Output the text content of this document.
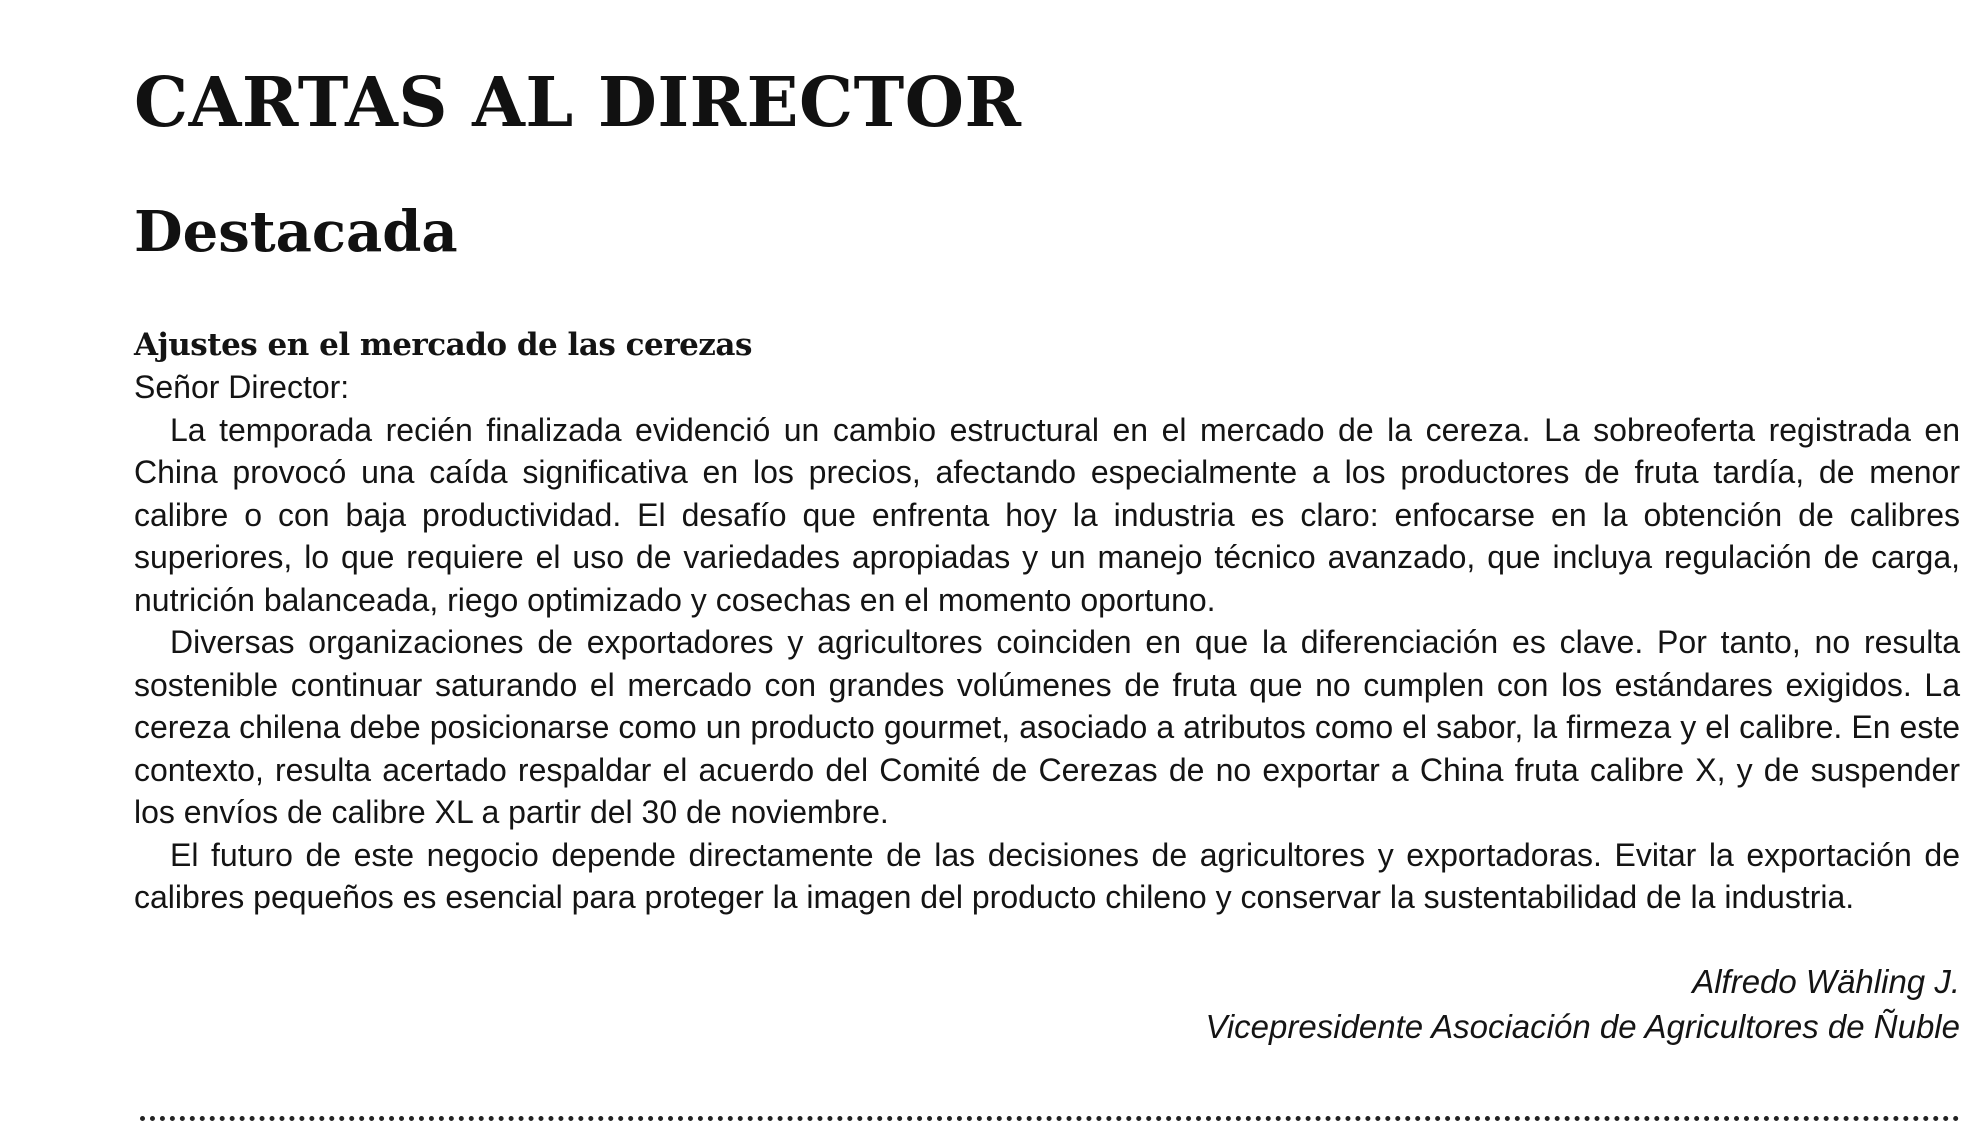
CARTAS AL DIRECTOR
Destacada
Ajustes en el mercado de las cerezas

Señor Director:

La temporada recién finalizada evidenció un cambio estructural en el mercado de la cereza. La sobreoferta registrada en China provocó una caída significativa en los precios, afectando especialmente a los productores de fruta tardía, de menor calibre o con baja productividad. El desafío que enfrenta hoy la industria es claro: enfocarse en la obtención de calibres superiores, lo que requiere el uso de variedades apropiadas y un manejo técnico avanzado, que incluya regulación de carga, nutrición balanceada, riego optimizado y cosechas en el momento oportuno.

Diversas organizaciones de exportadores y agricultores coinciden en que la diferenciación es clave. Por tanto, no resulta sostenible continuar saturando el mercado con grandes volúmenes de fruta que no cumplen con los estándares exigidos. La cereza chilena debe posicionarse como un producto gourmet, asociado a atributos como el sabor, la firmeza y el calibre. En este contexto, resulta acertado respaldar el acuerdo del Comité de Cerezas de no exportar a China fruta calibre X, y de suspender los envíos de calibre XL a partir del 30 de noviembre.

El futuro de este negocio depende directamente de las decisiones de agricultores y exportadoras. Evitar la exportación de calibres pequeños es esencial para proteger la imagen del producto chileno y conservar la sustentabilidad de la industria.

Alfredo Wähling J.
Vicepresidente Asociación de Agricultores de Ñuble
